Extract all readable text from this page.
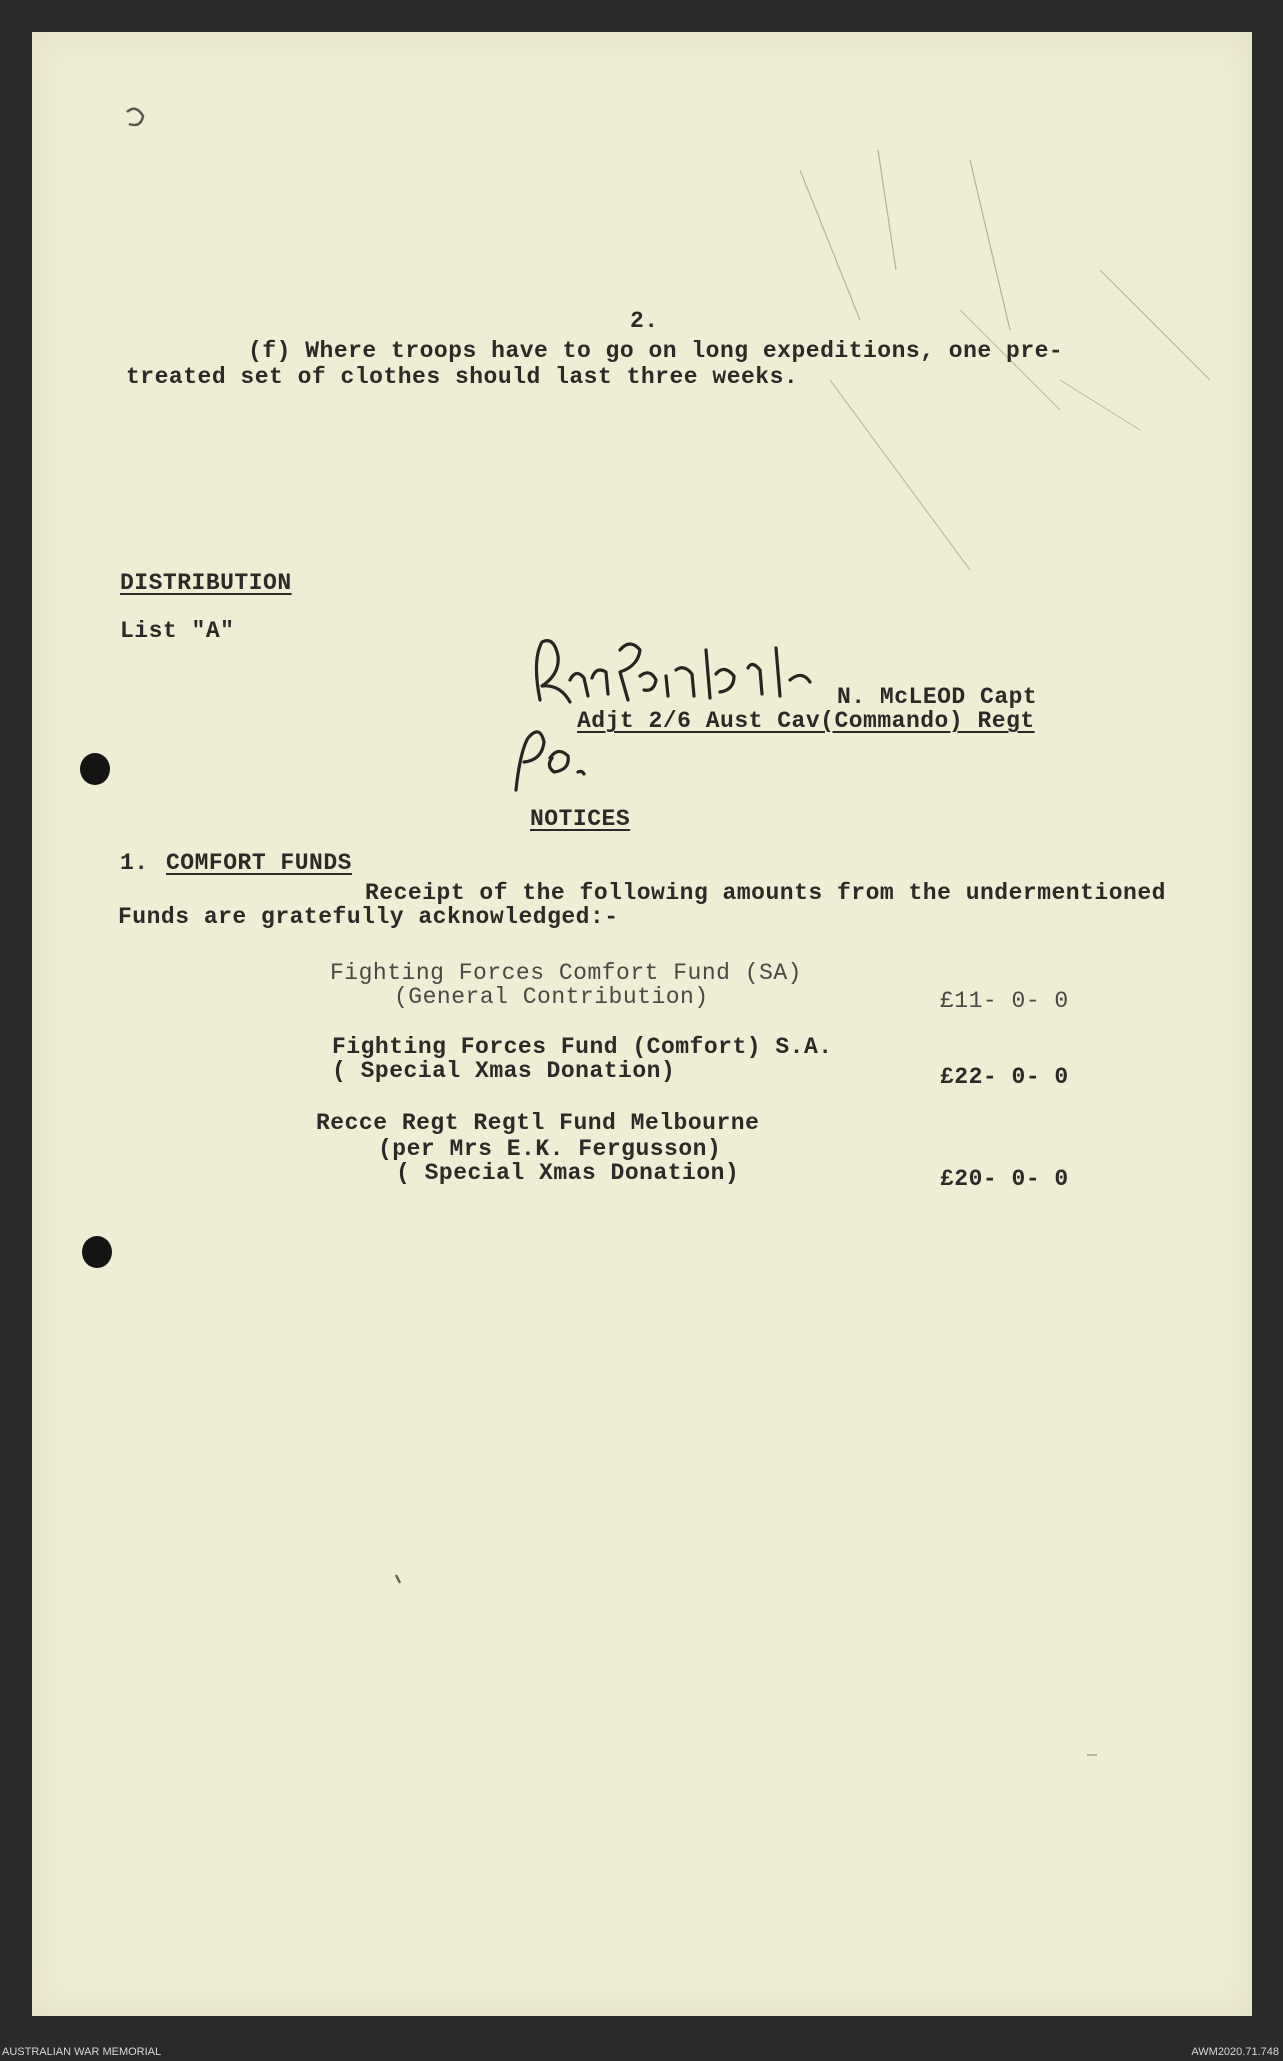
2.
(f) Where troops have to go on long expeditions, one pre-
treated set of clothes should last three weeks.
DISTRIBUTION
List "A"
N. McLEOD Capt
Adjt 2/6 Aust Cav(Commando) Regt
NOTICES
1. COMFORT FUNDS
Receipt of the following amounts from the undermentioned
Funds are gratefully acknowledged:-
Fighting Forces Comfort Fund (SA)
(General Contribution)	£11- 0- 0
Fighting Forces Fund (Comfort) S.A.
( Special Xmas Donation)	£22- 0- 0
Recce Regt Regtl Fund Melbourne
(per Mrs E.K. Fergusson)
( Special Xmas Donation)	£20- 0- 0
AUSTRALIAN WAR MEMORIAL	AWM2020.71.748
